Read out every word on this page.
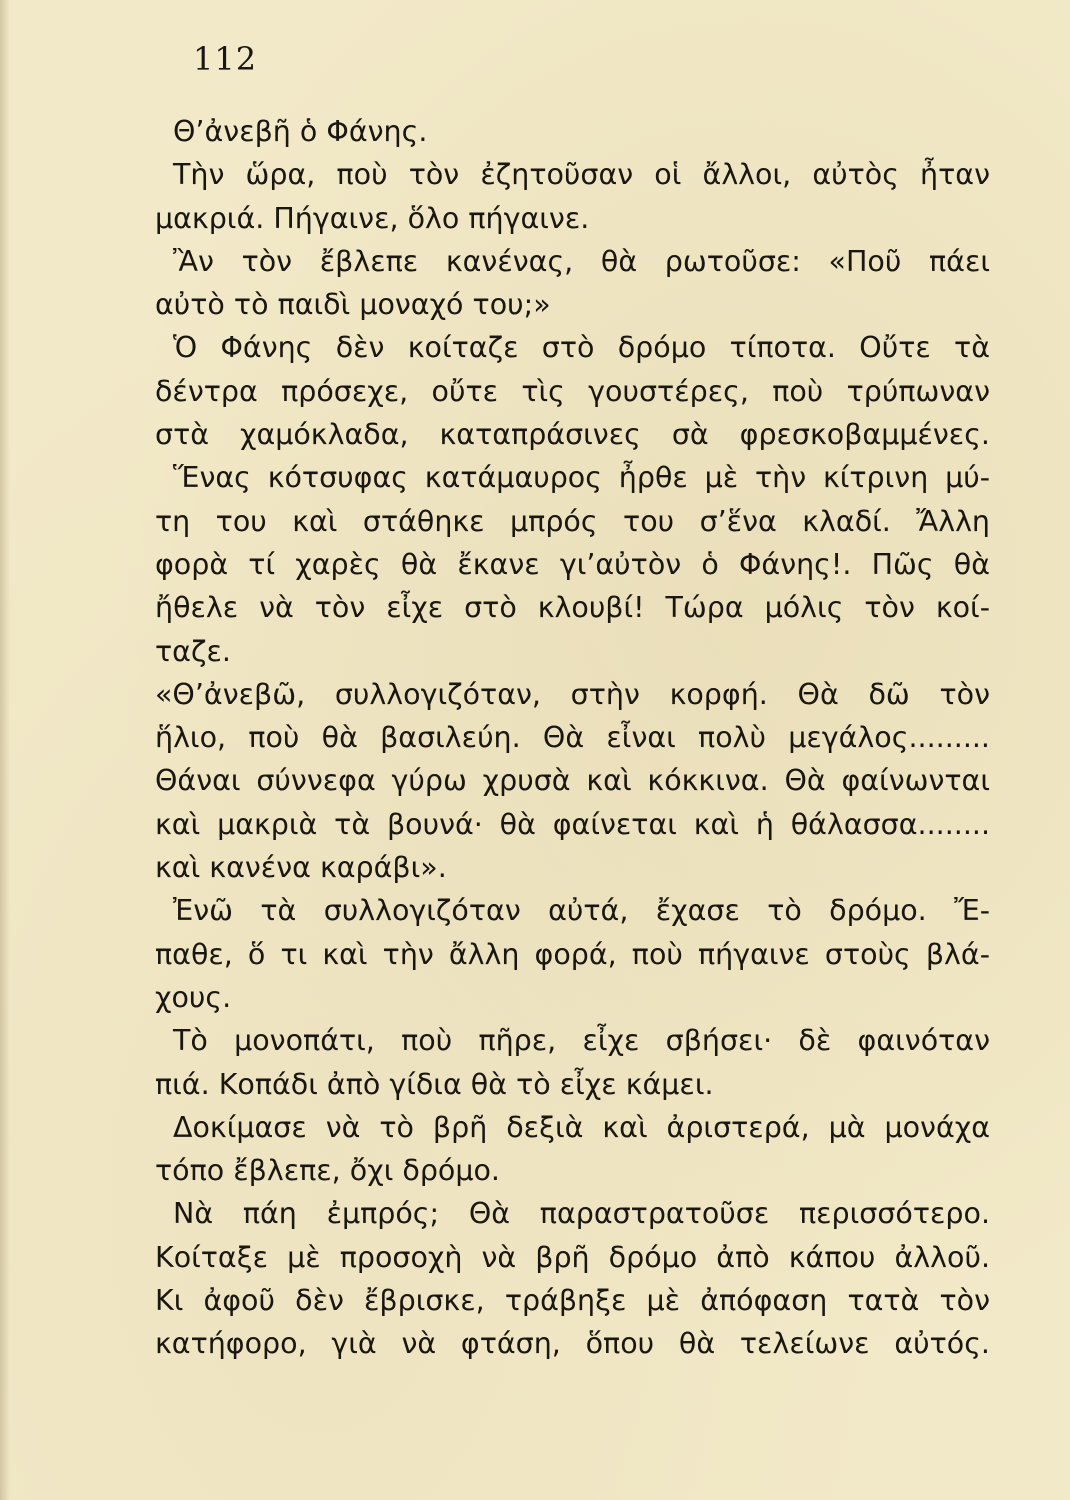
112
Θ’ἀνεβῆ ὁ Φάνης.
Τὴν ὥρα, ποὺ τὸν ἐζητοῦσαν οἱ ἄλλοι, αὐτὸς ἦταν
μακριά. Πήγαινε, ὅλο πήγαινε.
Ἂν τὸν ἔβλεπε κανένας, θὰ ρωτοῦσε: «Ποῦ πάει
αὐτὸ τὸ παιδὶ μοναχό του;»
Ὁ Φάνης δὲν κοίταζε στὸ δρόμο τίποτα. Οὔτε τὰ
δέντρα πρόσεχε, οὔτε τὶς γουστέρες, ποὺ τρύπωναν
στὰ χαμόκλαδα, καταπράσινες σὰ φρεσκοβαμμένες.
Ἕνας κότσυφας κατάμαυρος ἦρθε μὲ τὴν κίτρινη μύ-
τη του καὶ στάθηκε μπρός του σ’ἕνα κλαδί. Ἄλλη
φορὰ τί χαρὲς θὰ ἔκανε γι’αὐτὸν ὁ Φάνης!. Πῶς θὰ
ἤθελε νὰ τὸν εἶχε στὸ κλουβί! Τώρα μόλις τὸν κοί-
ταζε.
«Θ’ἀνεβῶ, συλλογιζόταν, στὴν κορφή. Θὰ δῶ τὸν
ἥλιο, ποὺ θὰ βασιλεύη. Θὰ εἶναι πολὺ μεγάλος.........
Θάναι σύννεφα γύρω χρυσὰ καὶ κόκκινα. Θὰ φαίνωνται
καὶ μακριὰ τὰ βουνά· θὰ φαίνεται καὶ ἡ θάλασσα........
καὶ κανένα καράβι».
Ἐνῶ τὰ συλλογιζόταν αὐτά, ἔχασε τὸ δρόμο. Ἔ-
παθε, ὅ τι καὶ τὴν ἄλλη φορά, ποὺ πήγαινε στοὺς βλά-
χους.
Τὸ μονοπάτι, ποὺ πῆρε, εἶχε σβήσει· δὲ φαινόταν
πιά. Κοπάδι ἀπὸ γίδια θὰ τὸ εἶχε κάμει.
Δοκίμασε νὰ τὸ βρῆ δεξιὰ καὶ ἀριστερά, μὰ μονάχα
τόπο ἔβλεπε, ὄχι δρόμο.
Νὰ πάη ἐμπρός; Θὰ παραστρατοῦσε περισσότερο.
Κοίταξε μὲ προσοχὴ νὰ βρῆ δρόμο ἀπὸ κάπου ἀλλοῦ.
Κι ἀφοῦ δὲν ἔβρισκε, τράβηξε μὲ ἀπόφαση τατὰ τὸν
κατήφορο, γιὰ νὰ φτάση, ὅπου θὰ τελείωνε αὐτός.
